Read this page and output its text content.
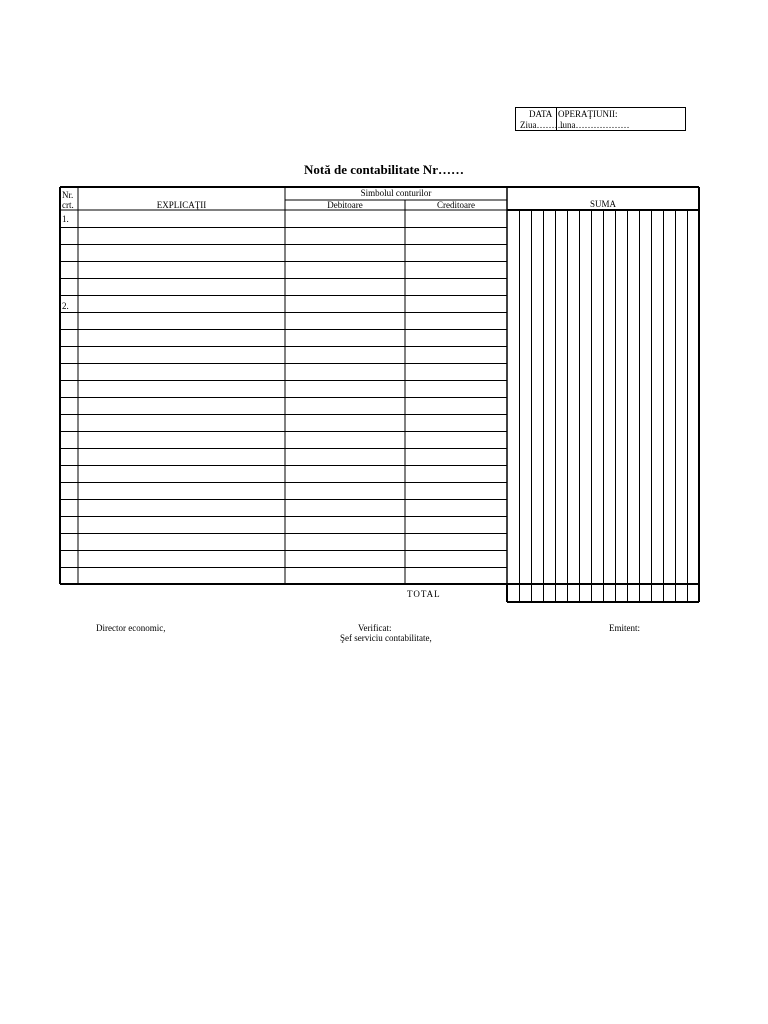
DATA OPERAŢIUNII:
Ziua………
luna………………
Notă de contabilitate Nr……
Nr.
crt.	EXPLICAŢII
Simbolul conturilor
Debitoare	Creditoare	SUMA
1.
2.
TOTAL
Director economic,	Verificat:
Şef serviciu contabilitate,
Emitent:
